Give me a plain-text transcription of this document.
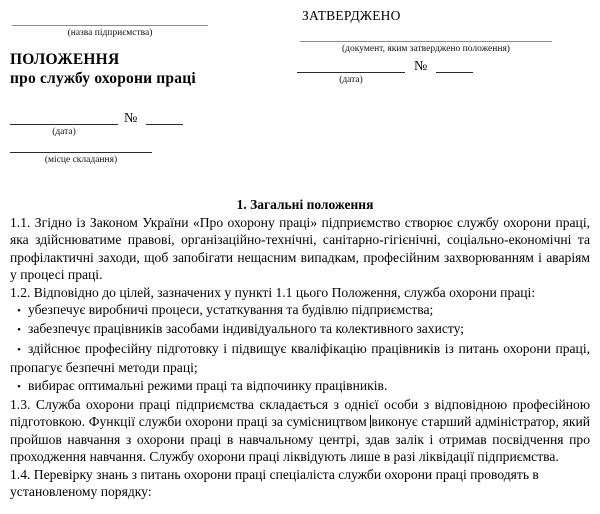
(назва підприємства)
ПОЛОЖЕННЯ
про службу охорони праці
№
(дата)
(місце складання)
ЗАТВЕРДЖЕНО
(документ, яким затверджено положення)
№
(дата)
1. Загальні положення

1.1. Згідно із Законом України «Про охорону праці» підприємство створює службу охорони праці, яка здійснюватиме правові, організаційно-технічні, санітарно-гігієнічні, соціально-економічні та профілактичні заходи, щоб запобігати нещасним випадкам, професійним захворюванням і аваріям у процесі праці.

1.2. Відповідно до цілей, зазначених у пункті 1.1 цього Положення, служба охорони праці:

• убезпечує виробничі процеси, устаткування та будівлю підприємства;
• забезпечує працівників засобами індивідуального та колективного захисту;
• здійснює професійну підготовку і підвищує кваліфікацію працівників із питань охорони праці, пропагує безпечні методи праці;
• вибирає оптимальні режими праці та відпочинку працівників.

1.3. Служба охорони праці підприємства складається з однієї особи з відповідною професійною підготовкою. Функції служби охорони праці за сумісництвом виконує старший адміністратор, який пройшов навчання з охорони праці в навчальному центрі, здав залік і отримав посвідчення про проходження навчання. Службу охорони праці ліквідують лише в разі ліквідації підприємства.

1.4. Перевірку знань з питань охорони праці спеціаліста служби охорони праці проводять в установленому порядку:
